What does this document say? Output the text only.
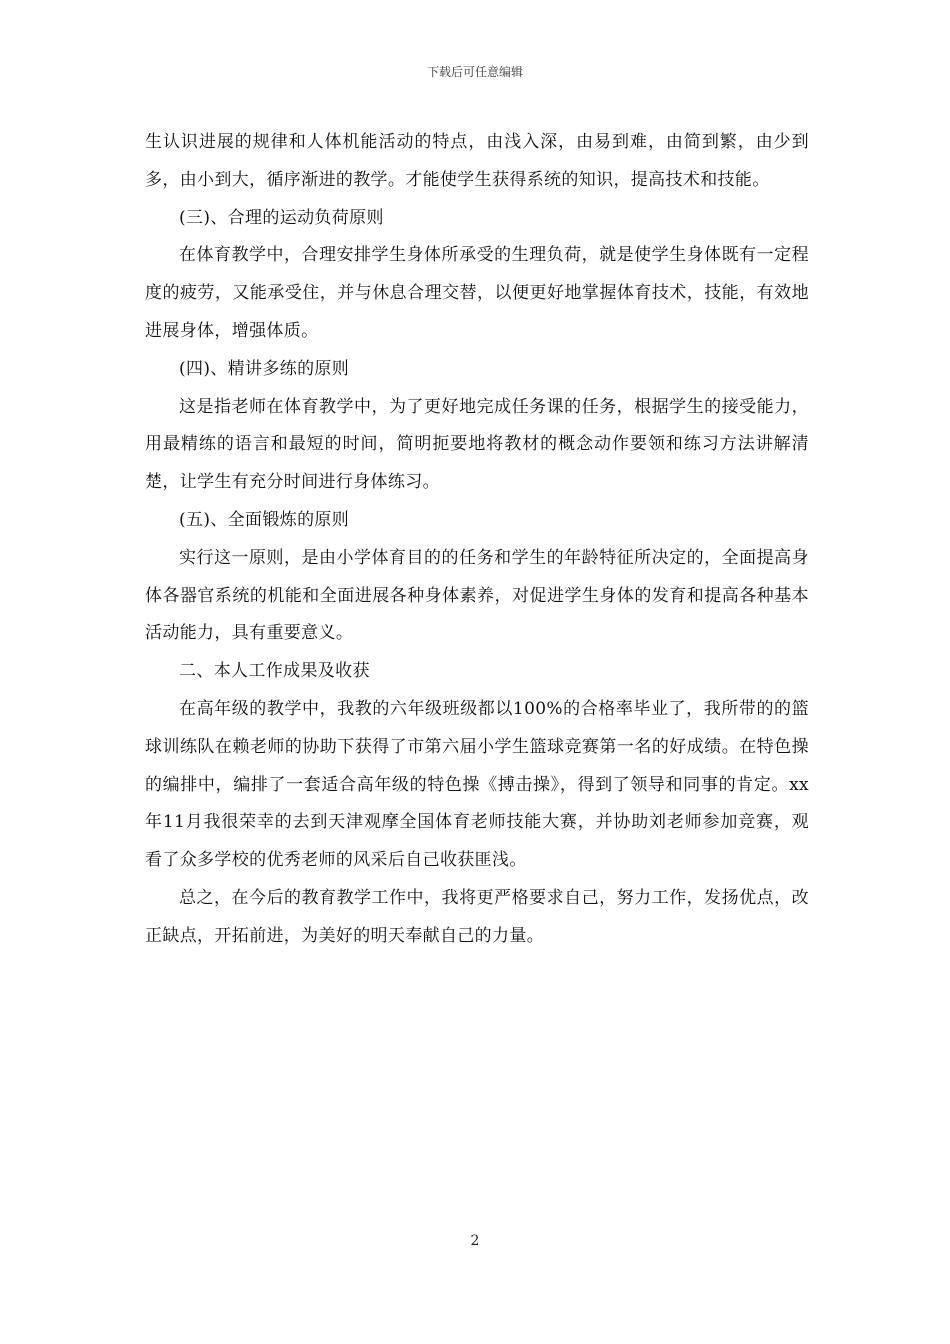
下载后可任意编辑

生认识进展的规律和人体机能活动的特点，由浅入深，由易到难，由简到繁，由少到多，由小到大，循序渐进的教学。才能使学生获得系统的知识，提高技术和技能。

(三)、合理的运动负荷原则

在体育教学中，合理安排学生身体所承受的生理负荷，就是使学生身体既有一定程度的疲劳，又能承受住，并与休息合理交替，以便更好地掌握体育技术，技能，有效地进展身体，增强体质。

(四)、精讲多练的原则

这是指老师在体育教学中，为了更好地完成任务课的任务，根据学生的接受能力，用最精练的语言和最短的时间，简明扼要地将教材的概念动作要领和练习方法讲解清楚，让学生有充分时间进行身体练习。

(五)、全面锻炼的原则

实行这一原则，是由小学体育目的的任务和学生的年龄特征所决定的，全面提高身体各器官系统的机能和全面进展各种身体素养，对促进学生身体的发育和提高各种基本活动能力，具有重要意义。

二、本人工作成果及收获

在高年级的教学中，我教的六年级班级都以100%的合格率毕业了，我所带的的篮球训练队在赖老师的协助下获得了市第六届小学生篮球竞赛第一名的好成绩。在特色操的编排中，编排了一套适合高年级的特色操《搏击操》，得到了领导和同事的肯定。xx年11月我很荣幸的去到天津观摩全国体育老师技能大赛，并协助刘老师参加竞赛，观看了众多学校的优秀老师的风采后自己收获匪浅。

总之，在今后的教育教学工作中，我将更严格要求自己，努力工作，发扬优点，改正缺点，开拓前进，为美好的明天奉献自己的力量。

2
